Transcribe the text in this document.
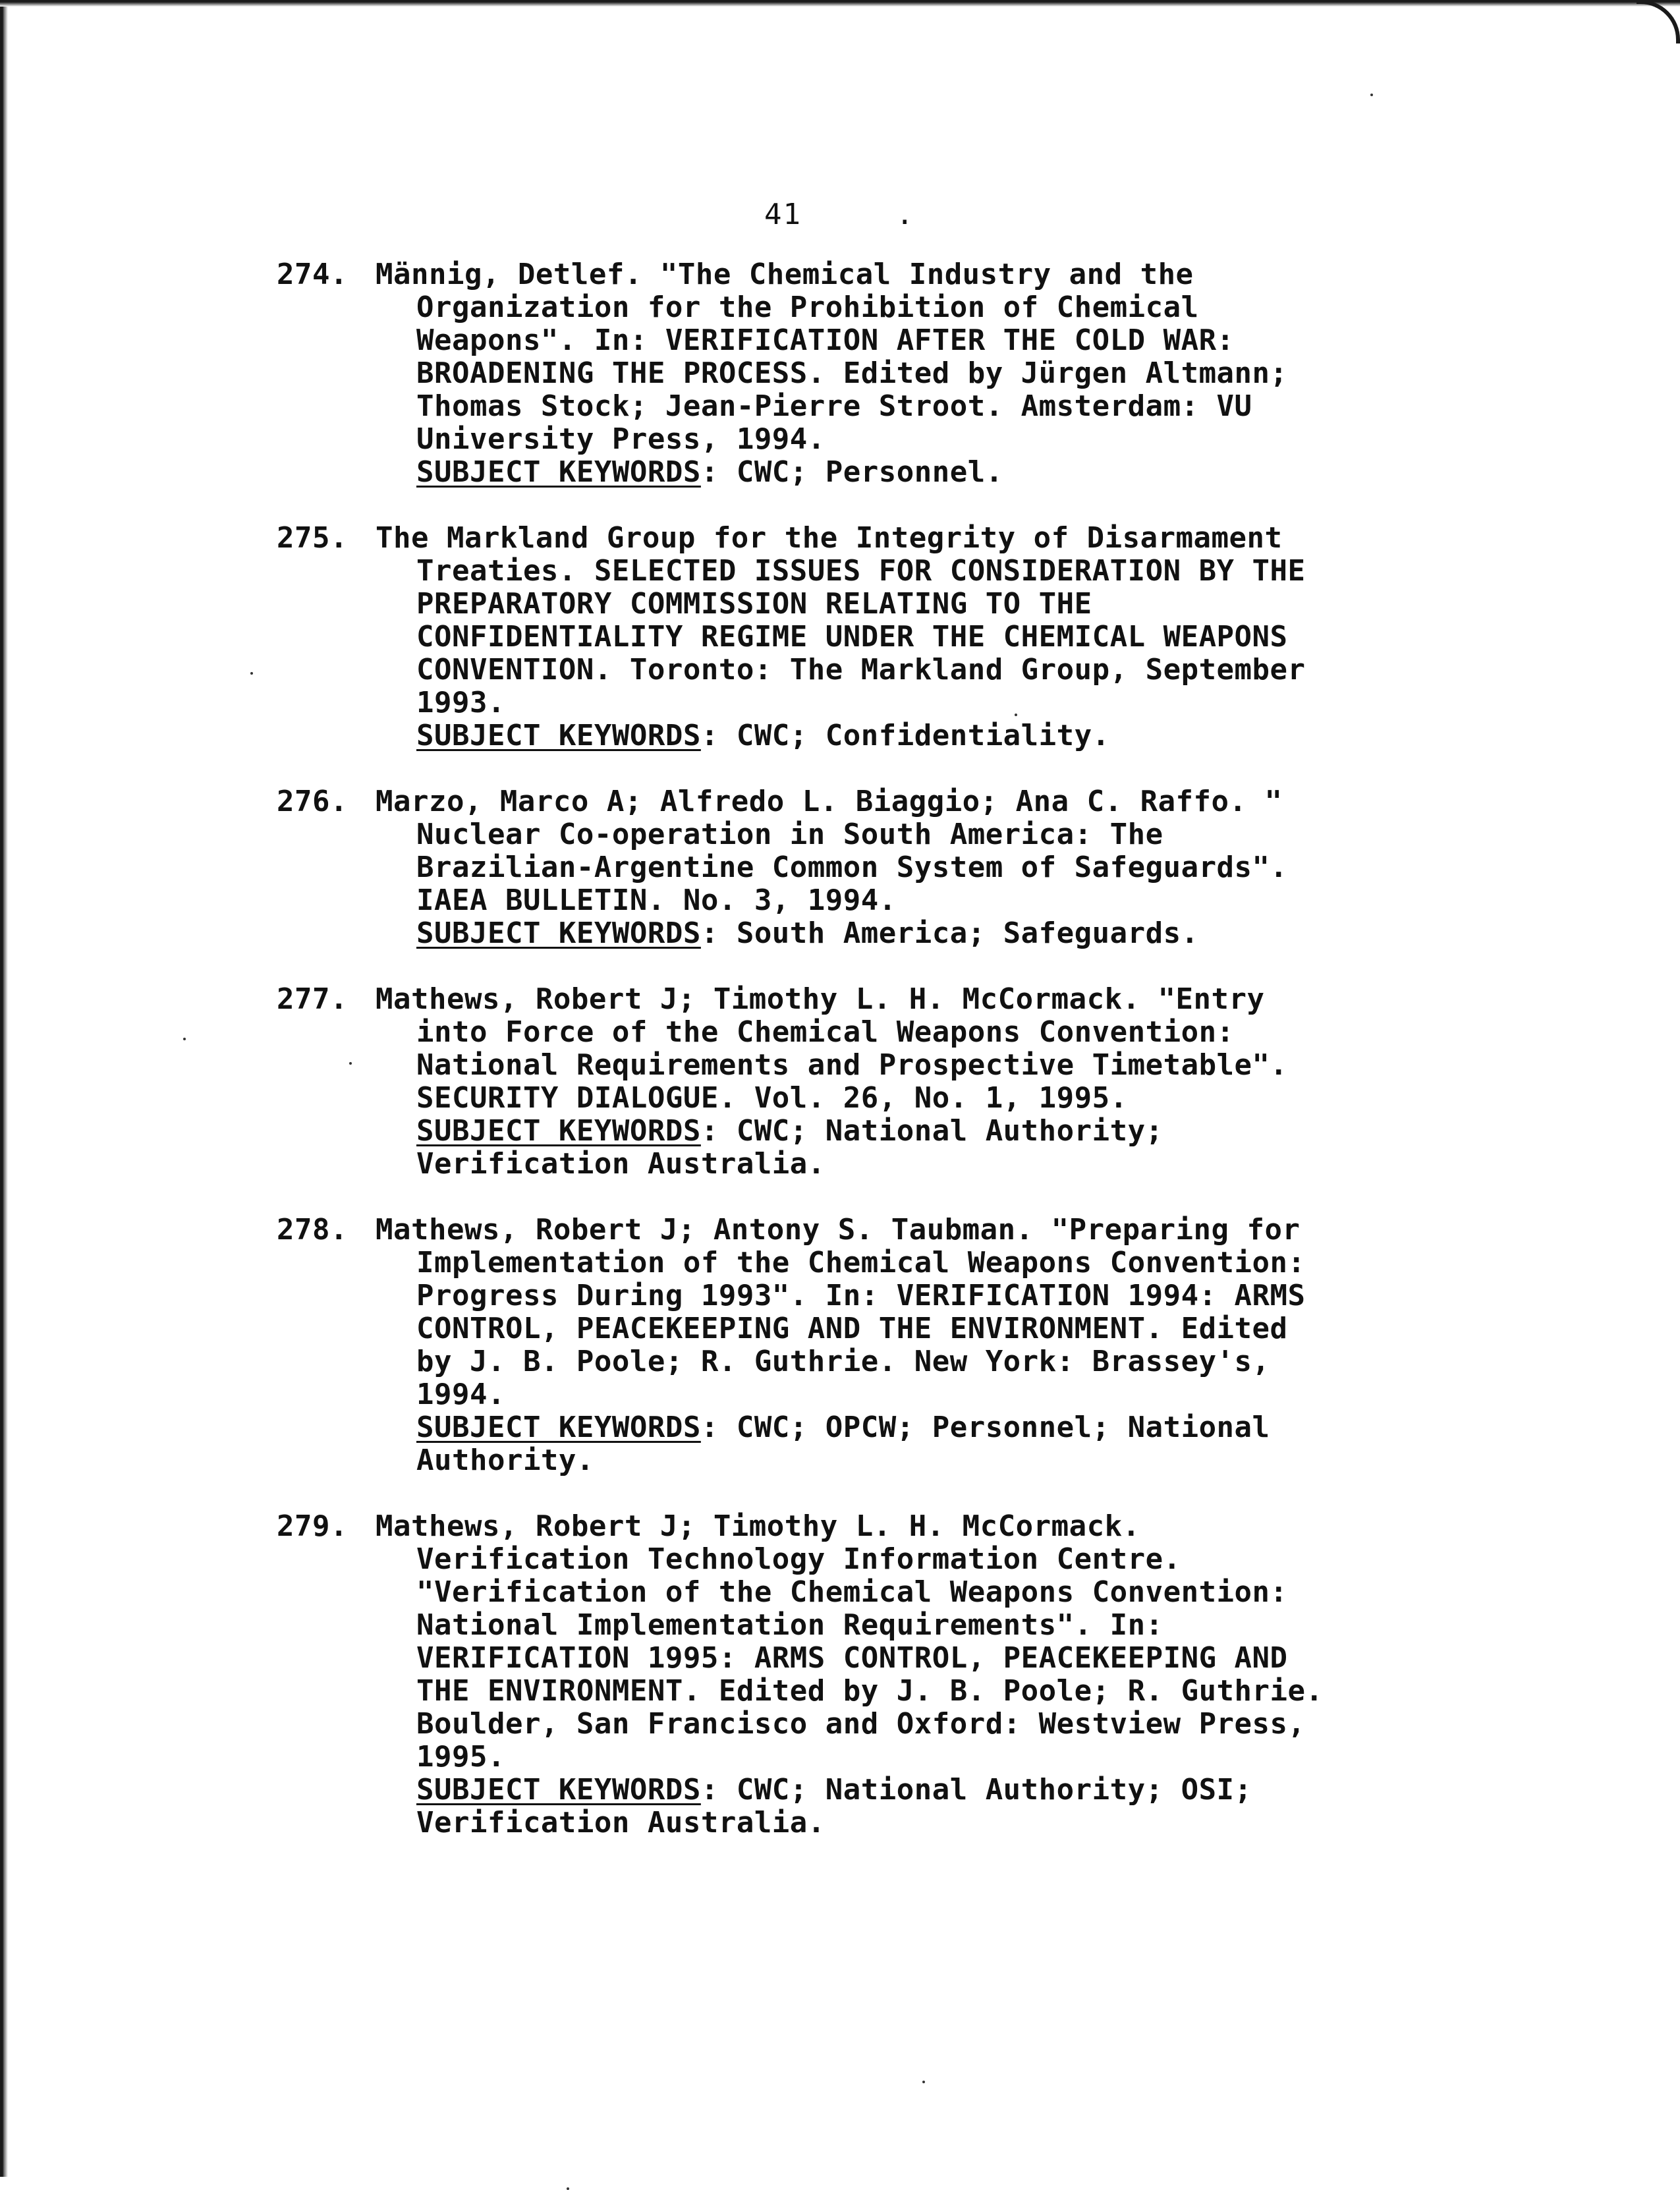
41	.
274. Männig, Detlef. "The Chemical Industry and the
Organization for the Prohibition of Chemical
Weapons". In: VERIFICATION AFTER THE COLD WAR:
BROADENING THE PROCESS. Edited by Jürgen Altmann;
Thomas Stock; Jean-Pierre Stroot. Amsterdam: VU
University Press, 1994.
SUBJECT KEYWORDS: CWC; Personnel.
275. The Markland Group for the Integrity of Disarmament
Treaties. SELECTED ISSUES FOR CONSIDERATION BY THE
PREPARATORY COMMISSION RELATING TO THE
CONFIDENTIALITY REGIME UNDER THE CHEMICAL WEAPONS
CONVENTION. Toronto: The Markland Group, September
1993.
SUBJECT KEYWORDS: CWC; Confidentiality.
276. Marzo, Marco A; Alfredo L. Biaggio; Ana C. Raffo. "
Nuclear Co-operation in South America: The
Brazilian-Argentine Common System of Safeguards".
IAEA BULLETIN. No. 3, 1994.
SUBJECT KEYWORDS: South America; Safeguards.
277. Mathews, Robert J; Timothy L. H. McCormack. "Entry
into Force of the Chemical Weapons Convention:
National Requirements and Prospective Timetable".
SECURITY DIALOGUE. Vol. 26, No. 1, 1995.
SUBJECT KEYWORDS: CWC; National Authority;
Verification Australia.
278. Mathews, Robert J; Antony S. Taubman. "Preparing for
Implementation of the Chemical Weapons Convention:
Progress During 1993". In: VERIFICATION 1994: ARMS
CONTROL, PEACEKEEPING AND THE ENVIRONMENT. Edited
by J. B. Poole; R. Guthrie. New York: Brassey's,
1994.
SUBJECT KEYWORDS: CWC; OPCW; Personnel; National
Authority.
279. Mathews, Robert J; Timothy L. H. McCormack.
Verification Technology Information Centre.
"Verification of the Chemical Weapons Convention:
National Implementation Requirements". In:
VERIFICATION 1995: ARMS CONTROL, PEACEKEEPING AND
THE ENVIRONMENT. Edited by J. B. Poole; R. Guthrie.
Boulder, San Francisco and Oxford: Westview Press,
1995.
SUBJECT KEYWORDS: CWC; National Authority; OSI;
Verification Australia.
